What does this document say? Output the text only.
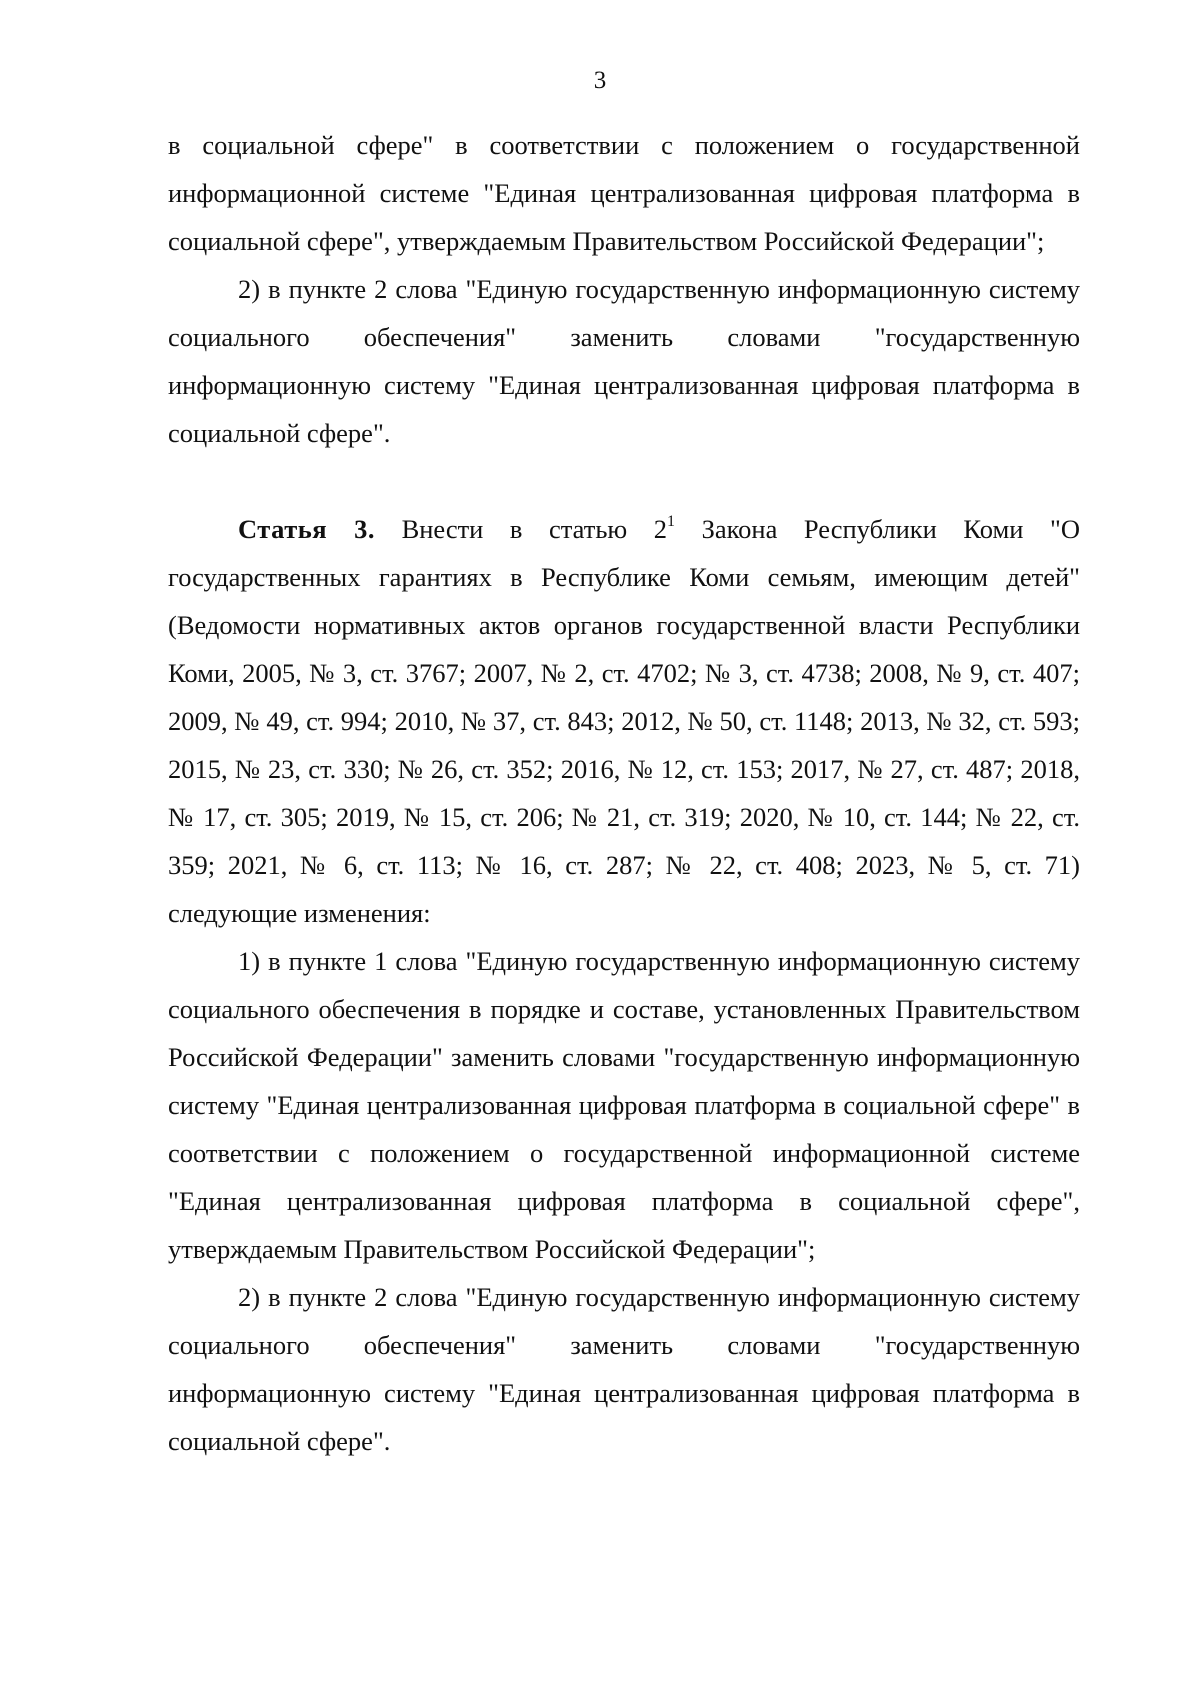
3

в социальной сфере" в соответствии с положением о государственной информационной системе "Единая централизованная цифровая платформа в социальной сфере", утверждаемым Правительством Российской Федерации";

2) в пункте 2 слова "Единую государственную информационную систему социального обеспечения" заменить словами "государственную информационную систему "Единая централизованная цифровая платформа в социальной сфере".

Статья 3. Внести в статью $2^1$ Закона Республики Коми "О государственных гарантиях в Республике Коми семьям, имеющим детей" (Ведомости нормативных актов органов государственной власти Республики Коми, 2005, № 3, ст. 3767; 2007, № 2, ст. 4702; № 3, ст. 4738; 2008, № 9, ст. 407; 2009, № 49, ст. 994; 2010, № 37, ст. 843; 2012, № 50, ст. 1148; 2013, № 32, ст. 593; 2015, № 23, ст. 330; № 26, ст. 352; 2016, № 12, ст. 153; 2017, № 27, ст. 487; 2018, № 17, ст. 305; 2019, № 15, ст. 206; № 21, ст. 319; 2020, № 10, ст. 144; № 22, ст. 359; 2021, № 6, ст. 113; № 16, ст. 287; № 22, ст. 408; 2023, № 5, ст. 71) следующие изменения:

1) в пункте 1 слова "Единую государственную информационную систему социального обеспечения в порядке и составе, установленных Правительством Российской Федерации" заменить словами "государственную информационную систему "Единая централизованная цифровая платформа в социальной сфере" в соответствии с положением о государственной информационной системе "Единая централизованная цифровая платформа в социальной сфере", утверждаемым Правительством Российской Федерации";

2) в пункте 2 слова "Единую государственную информационную систему социального обеспечения" заменить словами "государственную информационную систему "Единая централизованная цифровая платформа в социальной сфере".
